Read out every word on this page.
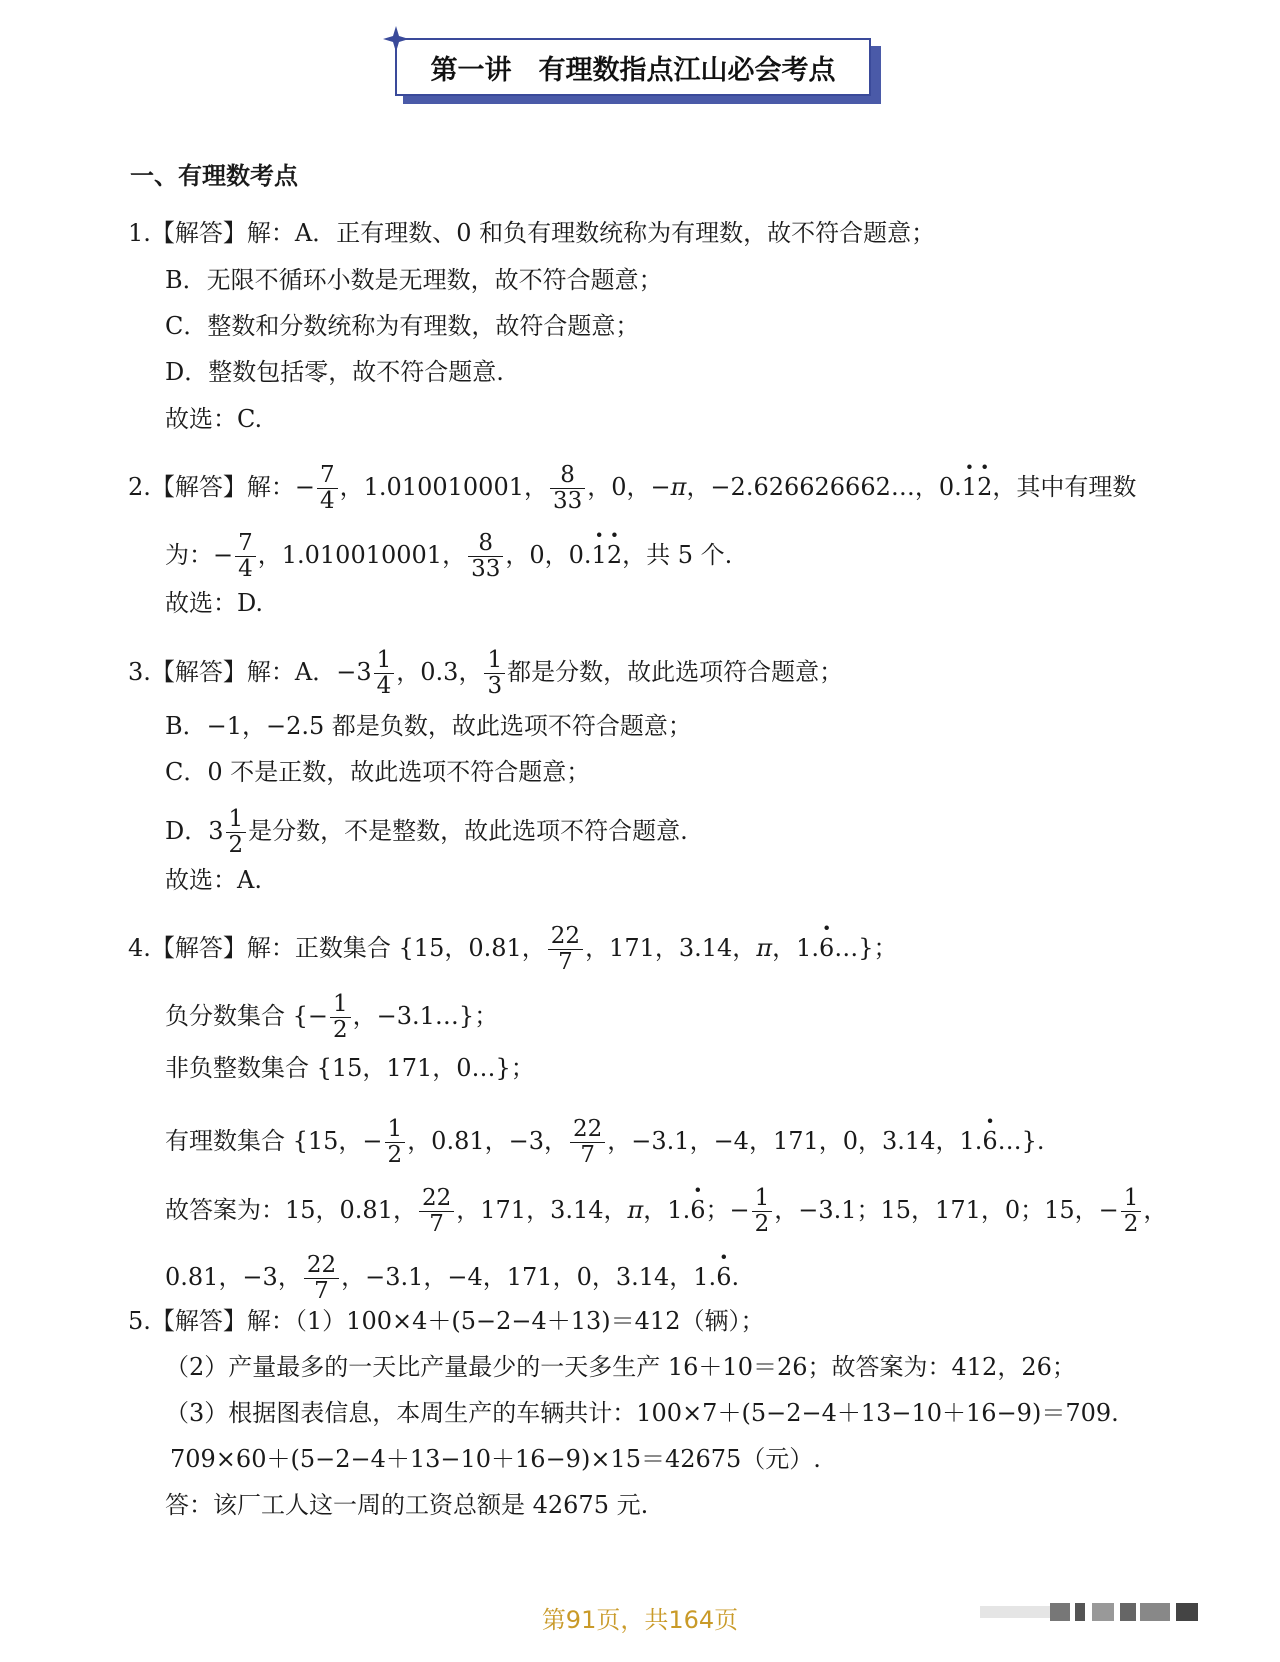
第一讲　有理数指点江山必会考点
一、有理数考点
1.【解答】解：A．正有理数、0 和负有理数统称为有理数，故不符合题意；
B．无限不循环小数是无理数，故不符合题意；
C．整数和分数统称为有理数，故符合题意；
D．整数包括零，故不符合题意.
故选：C.
2.【解答】解：− $\frac{7}{4}$ ，1.010010001， $\frac{8}{33}$ ，0，−π，−2.626626662…，0.· 1· 2，其中有理数
为：− $\frac{7}{4}$ ，1.010010001， $\frac{8}{33}$ ，0，0.· 1· 2，共 5 个.
故选：D.
3.【解答】解：A．$-3 \frac{1}{4}$ ，0.3， $\frac{1}{3}$ 都是分数，故此选项符合题意；
B．−1，−2.5 都是负数，故此选项不符合题意；
C．0 不是正数，故此选项不符合题意；
D．$3 \frac{1}{2}$ 是分数，不是整数，故此选项不符合题意.
故选：A.
4.【解答】解：正数集合 {15，0.81， $\frac{22}{7}$ ，171，3.14，π，1.· 6…}；
负分数集合 {− $\frac{1}{2}$ ，−3.1…}；
非负整数集合 {15，171，0…}；
有理数集合 {15，− $\frac{1}{2}$ ，0.81，−3， $\frac{22}{7}$ ，−3.1，−4，171，0，3.14，1.· 6…}.
故答案为：15，0.81， $\frac{22}{7}$ ，171，3.14，π，1.· 6；− $\frac{1}{2}$ ，−3.1；15，171，0；15，− $\frac{1}{2}$ ，
0.81，−3， $\frac{22}{7}$ ，−3.1，−4，171，0，3.14，1.· 6.
5.【解答】解：（1）100×4＋(5−2−4＋13)＝412（辆）；
（2）产量最多的一天比产量最少的一天多生产 16＋10＝26；故答案为：412，26；
（3）根据图表信息，本周生产的车辆共计：100×7＋(5−2−4＋13−10＋16−9)＝709.
709×60＋(5−2−4＋13−10＋16−9)×15＝42675（元）.
答：该厂工人这一周的工资总额是 42675 元.
第91页，共164页
